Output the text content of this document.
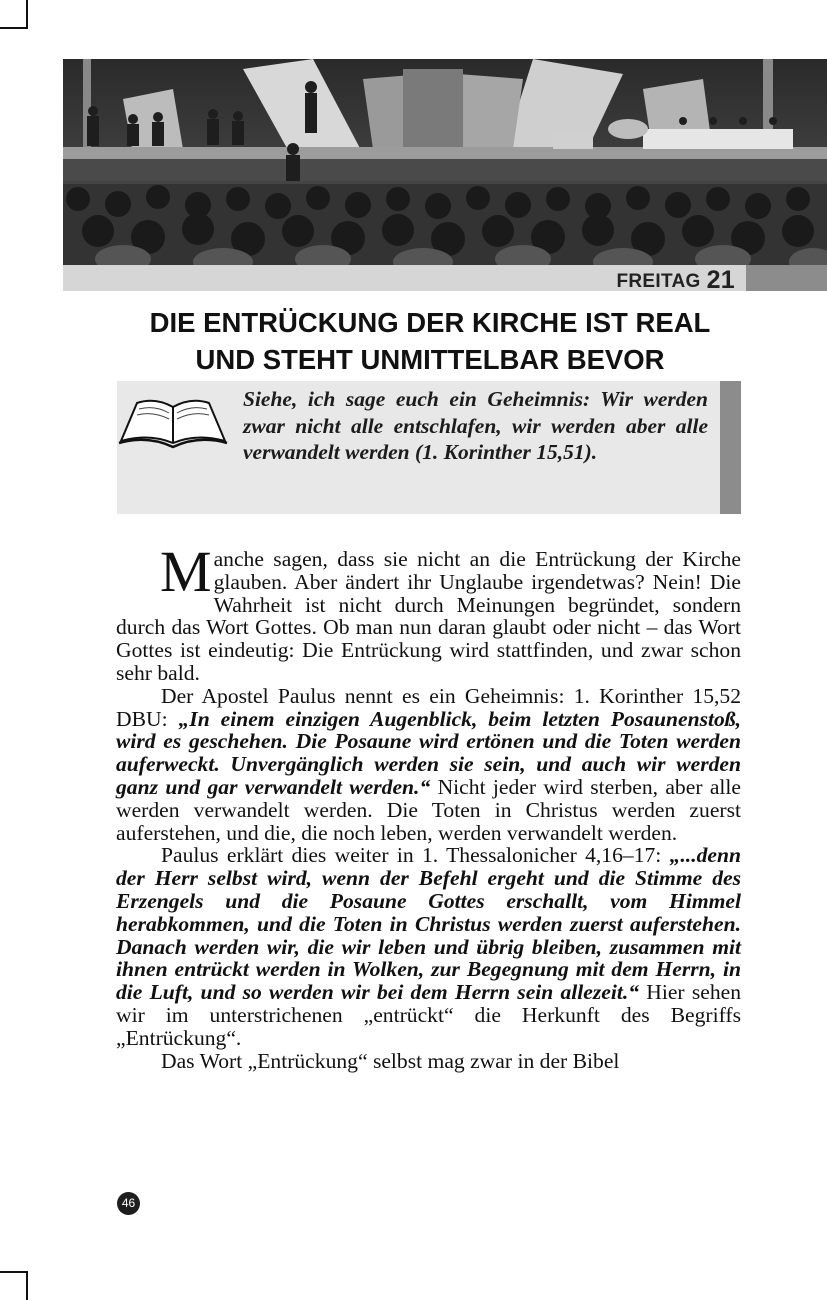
FREITAG 21
DIE ENTRÜCKUNG DER KIRCHE IST REAL
UND STEHT UNMITTELBAR BEVOR
Siehe, ich sage euch ein Geheimnis: Wir werden zwar nicht alle entschlafen, wir werden aber alle verwandelt werden (1. Korinther 15,51).

Manche sagen, dass sie nicht an die Entrückung der Kirche glauben. Aber ändert ihr Unglaube irgendetwas? Nein! Die Wahrheit ist nicht durch Meinungen begründet, sondern durch das Wort Gottes. Ob man nun daran glaubt oder nicht – das Wort Gottes ist eindeutig: Die Entrückung wird stattfinden, und zwar schon sehr bald.

Der Apostel Paulus nennt es ein Geheimnis: 1. Korinther 15,52 DBU: „In einem einzigen Augenblick, beim letzten Posaunenstoß, wird es geschehen. Die Posaune wird ertönen und die Toten werden auferweckt. Unvergänglich werden sie sein, und auch wir werden ganz und gar verwandelt werden.“ Nicht jeder wird sterben, aber alle werden verwandelt werden. Die Toten in Christus werden zuerst auferstehen, und die, die noch leben, werden verwandelt werden.

Paulus erklärt dies weiter in 1. Thessalonicher 4,16–17: „...denn der Herr selbst wird, wenn der Befehl ergeht und die Stimme des Erzengels und die Posaune Gottes erschallt, vom Himmel herabkommen, und die Toten in Christus werden zuerst auferstehen. Danach werden wir, die wir leben und übrig bleiben, zusammen mit ihnen entrückt werden in Wolken, zur Begegnung mit dem Herrn, in die Luft, und so werden wir bei dem Herrn sein allezeit.“ Hier sehen wir im unterstrichenen „entrückt“ die Herkunft des Begriffs „Entrückung“.

Das Wort „Entrückung“ selbst mag zwar in der Bibel

46
